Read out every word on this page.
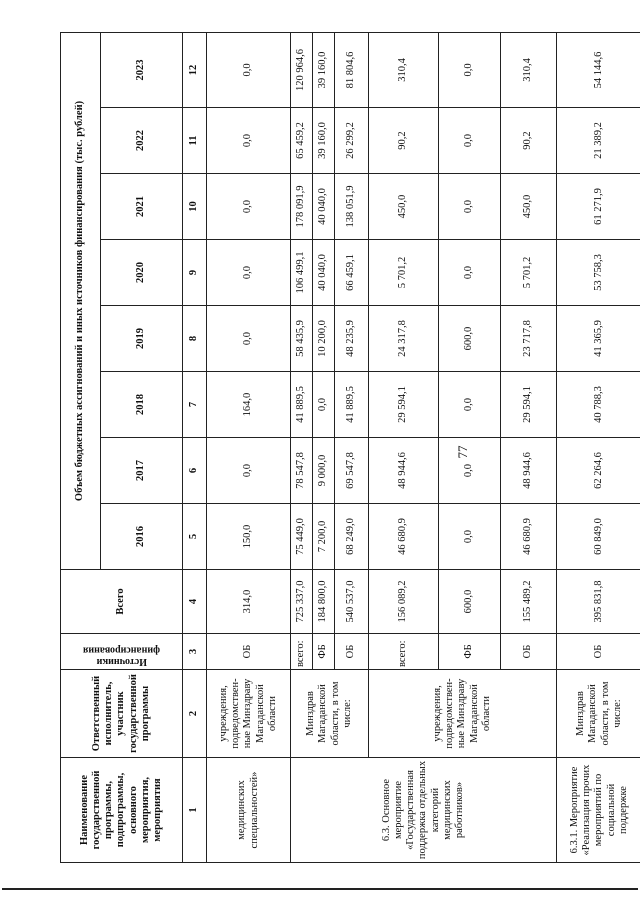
77
Наименование государственной программы, подпрограммы, основного мероприятия, мероприятия	Ответственный исполнитель, участник государственной программы	Источники финансирования	Всего	Объем бюджетных ассигнований и иных источников финансирования (тыс. рублей)							
				2016	2017	2018	2019	2020	2021	2022	2023
1	2	3	4	5	6	7	8	9	10	11	12
медицинских специальностей»	учреждения, подведомствен-ные Минздраву Магаданской области	ОБ	314,0	150,0	0,0	164,0	0,0	0,0	0,0	0,0	0,0
6.3. Основное мероприятие «Государственная поддержка отдельных категорий медицинских работников»	Минздрав Магаданской области, в том числе:	всего:	725 337,0	75 449,0	78 547,8	41 889,5	58 435,9	106 499,1	178 091,9	65 459,2	120 964,6
		ФБ	184 800,0	7 200,0	9 000,0	0,0	10 200,0	40 040,0	40 040,0	39 160,0	39 160,0
		ОБ	540 537,0	68 249,0	69 547,8	41 889,5	48 235,9	66 459,1	138 051,9	26 299,2	81 804,6
	учреждения, подведомствен-ные Минздраву Магаданской области	всего:	156 089,2	46 680,9	48 944,6	29 594,1	24 317,8	5 701,2	450,0	90,2	310,4
		ФБ	600,0	0,0	0,0	0,0	600,0	0,0	0,0	0,0	0,0
		ОБ	155 489,2	46 680,9	48 944,6	29 594,1	23 717,8	5 701,2	450,0	90,2	310,4
6.3.1. Мероприятие «Реализация прочих мероприятий по социальной поддержке	Минздрав Магаданской области, в том числе:	ОБ	395 831,8	60 849,0	62 264,6	40 788,3	41 365,9	53 758,3	61 271,9	21 389,2	54 144,6
